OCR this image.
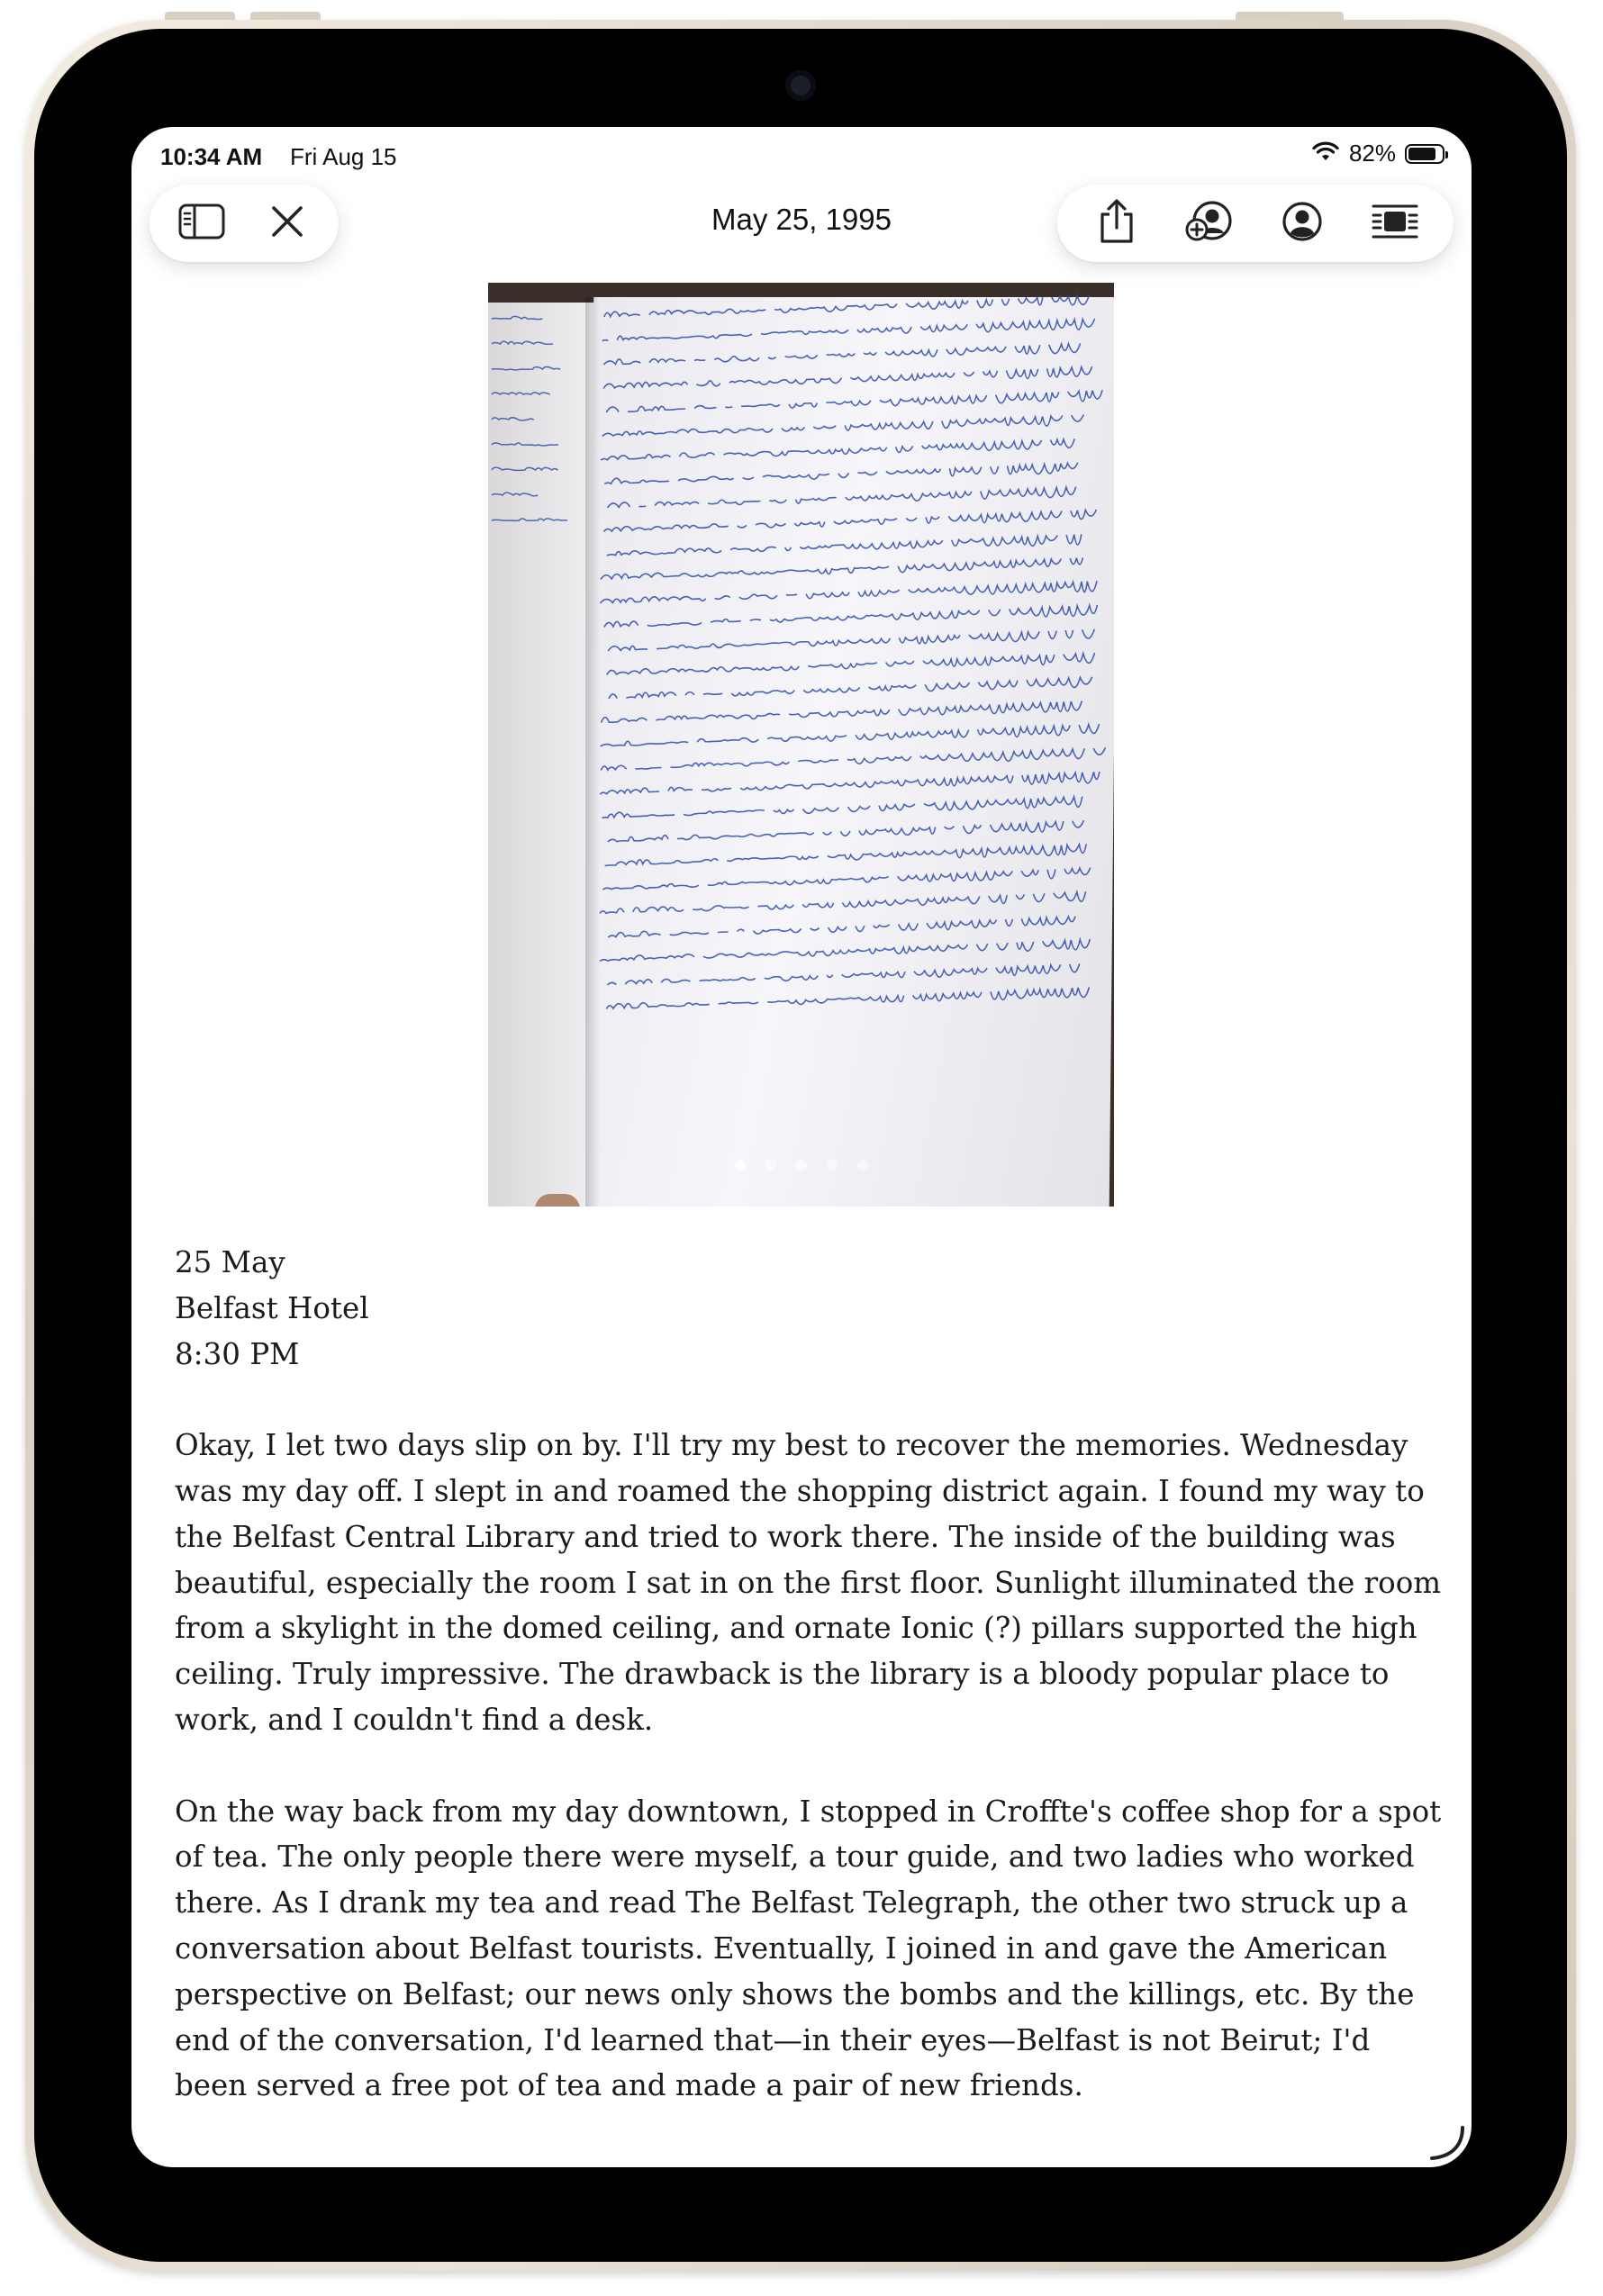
10:34 AM Fri Aug 15	82%
May 25, 1995

25 May
Belfast Hotel
8:30 PM

Okay, I let two days slip on by. I'll try my best to recover the memories. Wednesday was my day off. I slept in and roamed the shopping district again. I found my way to the Belfast Central Library and tried to work there. The inside of the building was beautiful, especially the room I sat in on the first floor. Sunlight illuminated the room from a skylight in the domed ceiling, and ornate Ionic (?) pillars supported the high ceiling. Truly impressive. The drawback is the library is a bloody popular place to work, and I couldn't find a desk.

On the way back from my day downtown, I stopped in Croffte's coffee shop for a spot of tea. The only people there were myself, a tour guide, and two ladies who worked there. As I drank my tea and read The Belfast Telegraph, the other two struck up a conversation about Belfast tourists. Eventually, I joined in and gave the American perspective on Belfast; our news only shows the bombs and the killings, etc. By the end of the conversation, I'd learned that—in their eyes—Belfast is not Beirut; I'd been served a free pot of tea and made a pair of new friends.
